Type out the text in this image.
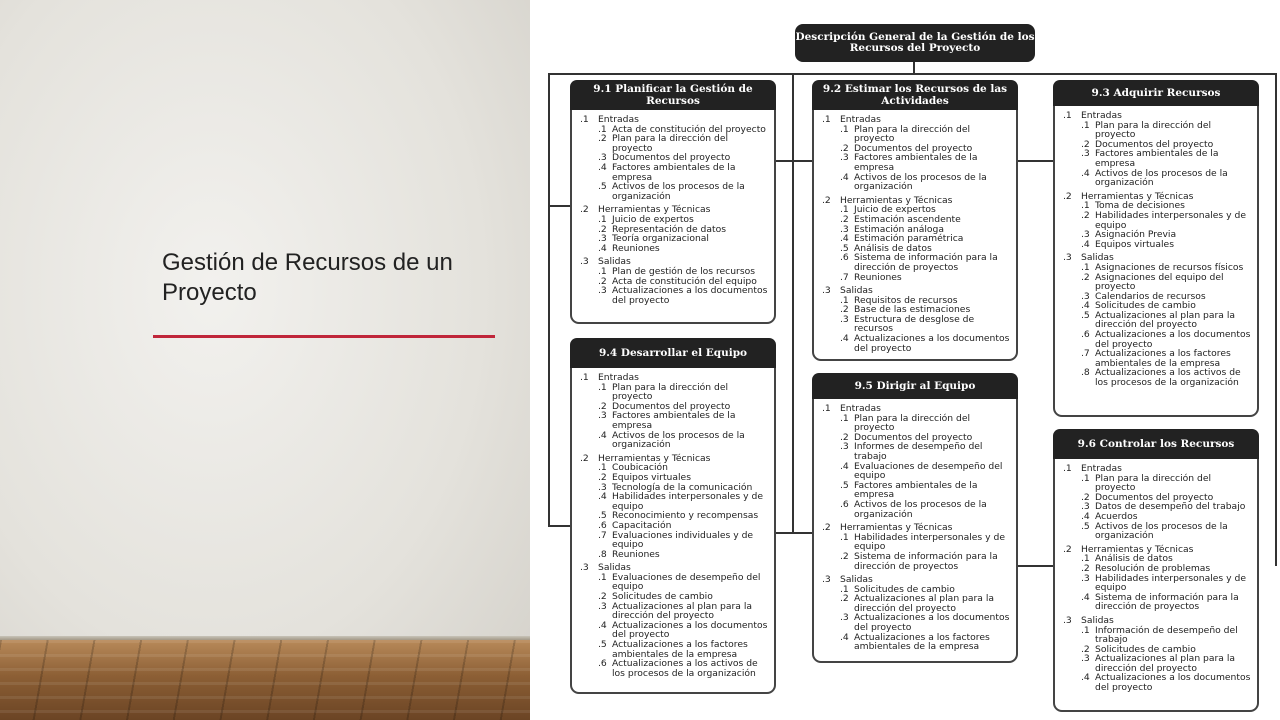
Gestión de Recursos de un Proyecto
Descripción General de la Gestión de los Recursos del Proyecto
9.1 Planificar la Gestión de Recursos
.1	Entradas
.1 Acta de constitución del proyecto
.2 Plan para la dirección del proyecto
.3 Documentos del proyecto
.4 Factores ambientales de la empresa
.5 Activos de los procesos de la organización
.2	Herramientas y Técnicas
.1 Juicio de expertos
.2 Representación de datos
.3 Teoría organizacional
.4 Reuniones
.3	Salidas
.1 Plan de gestión de los recursos
.2 Acta de constitución del equipo
.3 Actualizaciones a los documentos del proyecto
9.2 Estimar los Recursos de las Actividades
.1	Entradas
.1 Plan para la dirección del proyecto
.2 Documentos del proyecto
.3 Factores ambientales de la empresa
.4 Activos de los procesos de la organización
.2	Herramientas y Técnicas
.1 Juicio de expertos
.2 Estimación ascendente
.3 Estimación análoga
.4 Estimación paramétrica
.5 Análisis de datos
.6 Sistema de información para la dirección de proyectos
.7 Reuniones
.3	Salidas
.1 Requisitos de recursos
.2 Base de las estimaciones
.3 Estructura de desglose de recursos
.4 Actualizaciones a los documentos del proyecto
9.3 Adquirir Recursos
.1	Entradas
.1 Plan para la dirección del proyecto
.2 Documentos del proyecto
.3 Factores ambientales de la empresa
.4 Activos de los procesos de la organización
.2	Herramientas y Técnicas
.1 Toma de decisiones
.2 Habilidades interpersonales y de equipo
.3 Asignación Previa
.4 Equipos virtuales
.3	Salidas
.1 Asignaciones de recursos físicos
.2 Asignaciones del equipo del proyecto
.3 Calendarios de recursos
.4 Solicitudes de cambio
.5 Actualizaciones al plan para la dirección del proyecto
.6 Actualizaciones a los documentos del proyecto
.7 Actualizaciones a los factores ambientales de la empresa
.8 Actualizaciones a los activos de los procesos de la organización
9.4 Desarrollar el Equipo
.1	Entradas
.1 Plan para la dirección del proyecto
.2 Documentos del proyecto
.3 Factores ambientales de la empresa
.4 Activos de los procesos de la organización
.2	Herramientas y Técnicas
.1 Coubicación
.2 Equipos virtuales
.3 Tecnología de la comunicación
.4 Habilidades interpersonales y de equipo
.5 Reconocimiento y recompensas
.6 Capacitación
.7 Evaluaciones individuales y de equipo
.8 Reuniones
.3	Salidas
.1 Evaluaciones de desempeño del equipo
.2 Solicitudes de cambio
.3 Actualizaciones al plan para la dirección del proyecto
.4 Actualizaciones a los documentos del proyecto
.5 Actualizaciones a los factores ambientales de la empresa
.6 Actualizaciones a los activos de los procesos de la organización
9.5 Dirigir al Equipo
.1	Entradas
.1 Plan para la dirección del proyecto
.2 Documentos del proyecto
.3 Informes de desempeño del trabajo
.4 Evaluaciones de desempeño del equipo
.5 Factores ambientales de la empresa
.6 Activos de los procesos de la organización
.2	Herramientas y Técnicas
.1 Habilidades interpersonales y de equipo
.2 Sistema de información para la dirección de proyectos
.3	Salidas
.1 Solicitudes de cambio
.2 Actualizaciones al plan para la dirección del proyecto
.3 Actualizaciones a los documentos del proyecto
.4 Actualizaciones a los factores ambientales de la empresa
9.6 Controlar los Recursos
.1	Entradas
.1 Plan para la dirección del proyecto
.2 Documentos del proyecto
.3 Datos de desempeño del trabajo
.4 Acuerdos
.5 Activos de los procesos de la organización
.2	Herramientas y Técnicas
.1 Análisis de datos
.2 Resolución de problemas
.3 Habilidades interpersonales y de equipo
.4 Sistema de información para la dirección de proyectos
.3	Salidas
.1 Información de desempeño del trabajo
.2 Solicitudes de cambio
.3 Actualizaciones al plan para la dirección del proyecto
.4 Actualizaciones a los documentos del proyecto
